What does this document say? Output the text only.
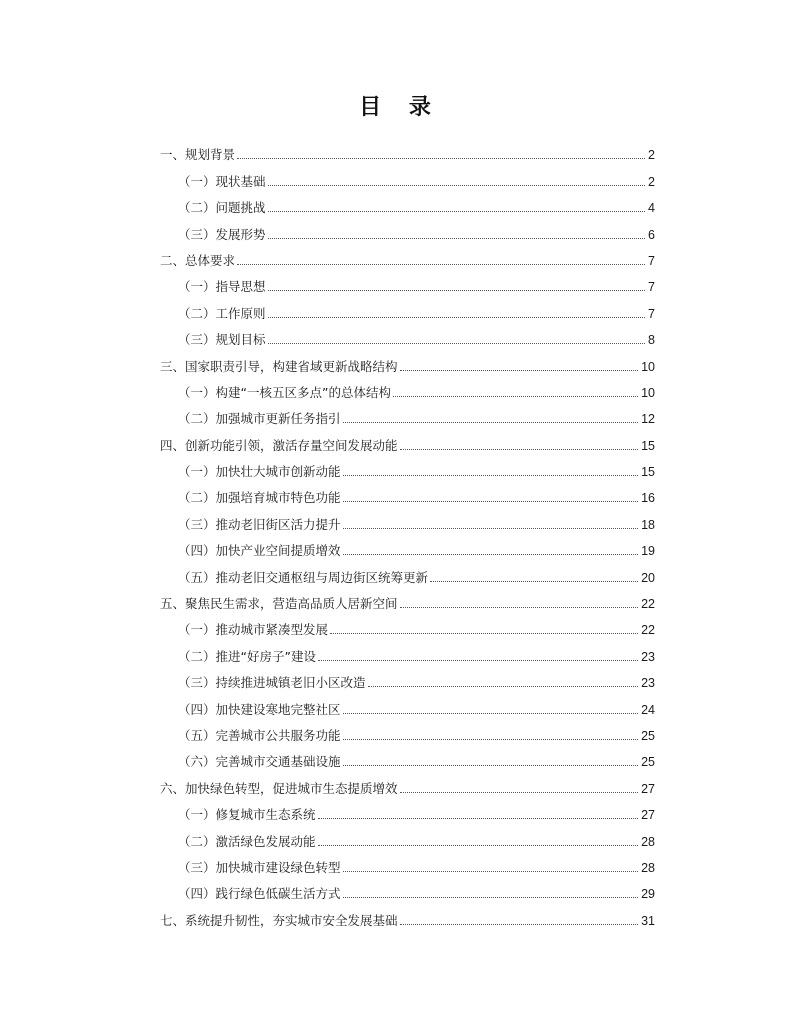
目 录
一、规划背景	2
（一）现状基础	2
（二）问题挑战	4
（三）发展形势	6
二、总体要求	7
（一）指导思想	7
（二）工作原则	7
（三）规划目标	8
三、国家职责引导，构建省域更新战略结构	10
（一）构建“一核五区多点”的总体结构	10
（二）加强城市更新任务指引	12
四、创新功能引领，激活存量空间发展动能	15
（一）加快壮大城市创新动能	15
（二）加强培育城市特色功能	16
（三）推动老旧街区活力提升	18
（四）加快产业空间提质增效	19
（五）推动老旧交通枢纽与周边街区统筹更新	20
五、聚焦民生需求，营造高品质人居新空间	22
（一）推动城市紧凑型发展	22
（二）推进“好房子”建设	23
（三）持续推进城镇老旧小区改造	23
（四）加快建设寒地完整社区	24
（五）完善城市公共服务功能	25
（六）完善城市交通基础设施	25
六、加快绿色转型，促进城市生态提质增效	27
（一）修复城市生态系统	27
（二）激活绿色发展动能	28
（三）加快城市建设绿色转型	28
（四）践行绿色低碳生活方式	29
七、系统提升韧性，夯实城市安全发展基础	31
